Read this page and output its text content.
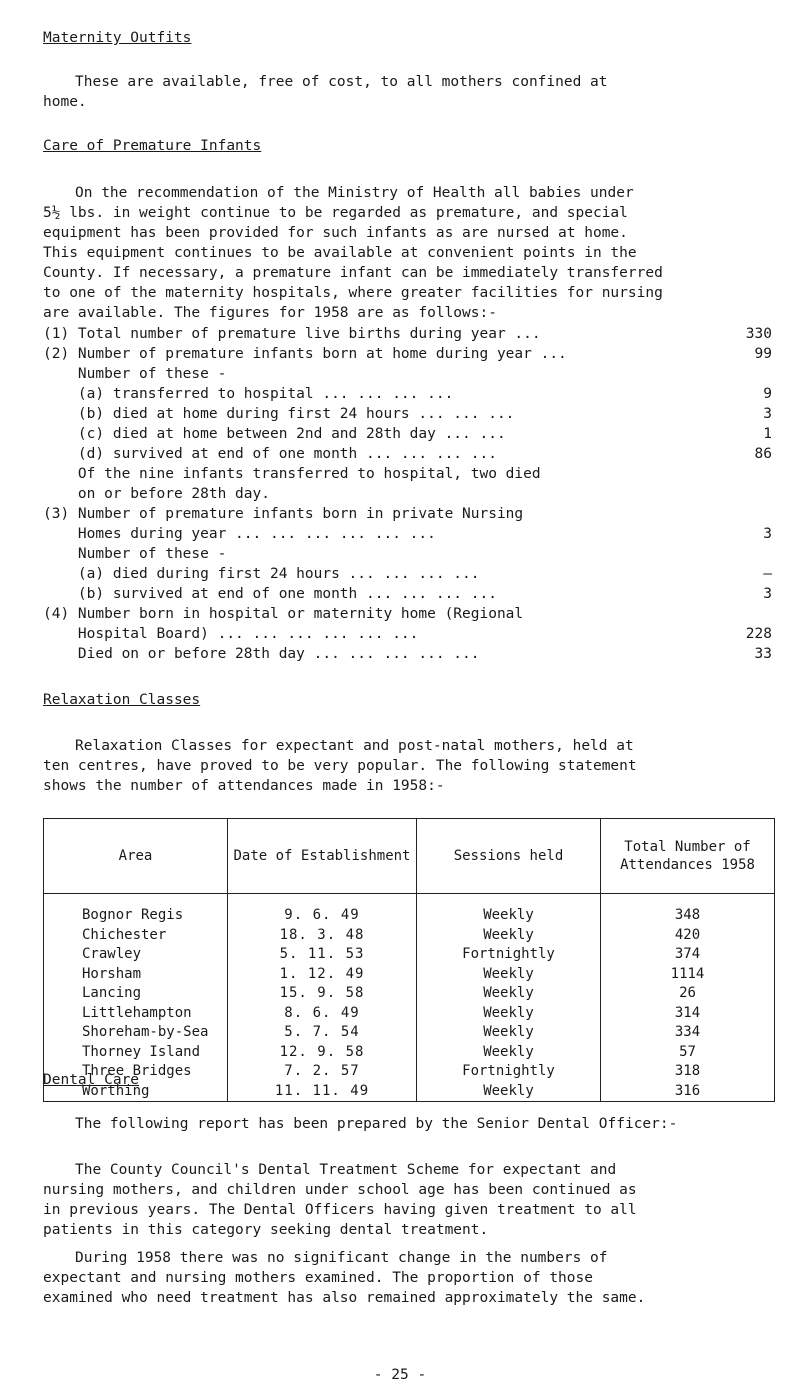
Maternity Outfits
These are available, free of cost, to all mothers confined at
home.
Care of Premature Infants
On the recommendation of the Ministry of Health all babies under
5½ lbs. in weight continue to be regarded as premature, and special
equipment has been provided for such infants as are nursed at home.
This equipment continues to be available at convenient points in the
County. If necessary, a premature infant can be immediately transferred
to one of the maternity hospitals, where greater facilities for nursing
are available. The figures for 1958 are as follows:-
(1) Total number of premature live births during year ...	330
(2) Number of premature infants born at home during year ...	99
Number of these -
(a) transferred to hospital ... ... ... ...	9
(b) died at home during first 24 hours ... ... ...	3
(c) died at home between 2nd and 28th day ... ...	1
(d) survived at end of one month ... ... ... ...	86
Of the nine infants transferred to hospital, two died
on or before 28th day.
(3) Number of premature infants born in private Nursing
Homes during year ... ... ... ... ... ...	3
Number of these -
(a) died during first 24 hours ... ... ... ...	–
(b) survived at end of one month ... ... ... ...	3
(4) Number born in hospital or maternity home (Regional
Hospital Board) ... ... ... ... ... ...	228
Died on or before 28th day ... ... ... ... ...	33
Relaxation Classes
Relaxation Classes for expectant and post-natal mothers, held at
ten centres, have proved to be very popular. The following statement
shows the number of attendances made in 1958:-
Area	Date of Establishment	Sessions held	Total Number of Attendances 1958
Bognor Regis	9. 6. 49	Weekly	348
Chichester	18. 3. 48	Weekly	420
Crawley	5. 11. 53	Fortnightly	374
Horsham	1. 12. 49	Weekly	1114
Lancing	15. 9. 58	Weekly	26
Littlehampton	8. 6. 49	Weekly	314
Shoreham-by-Sea	5. 7. 54	Weekly	334
Thorney Island	12. 9. 58	Weekly	57
Three Bridges	7. 2. 57	Fortnightly	318
Worthing	11. 11. 49	Weekly	316
Dental Care
The following report has been prepared by the Senior Dental Officer:-
The County Council's Dental Treatment Scheme for expectant and
nursing mothers, and children under school age has been continued as
in previous years. The Dental Officers having given treatment to all
patients in this category seeking dental treatment.
During 1958 there was no significant change in the numbers of
expectant and nursing mothers examined. The proportion of those
examined who need treatment has also remained approximately the same.
- 25 -
